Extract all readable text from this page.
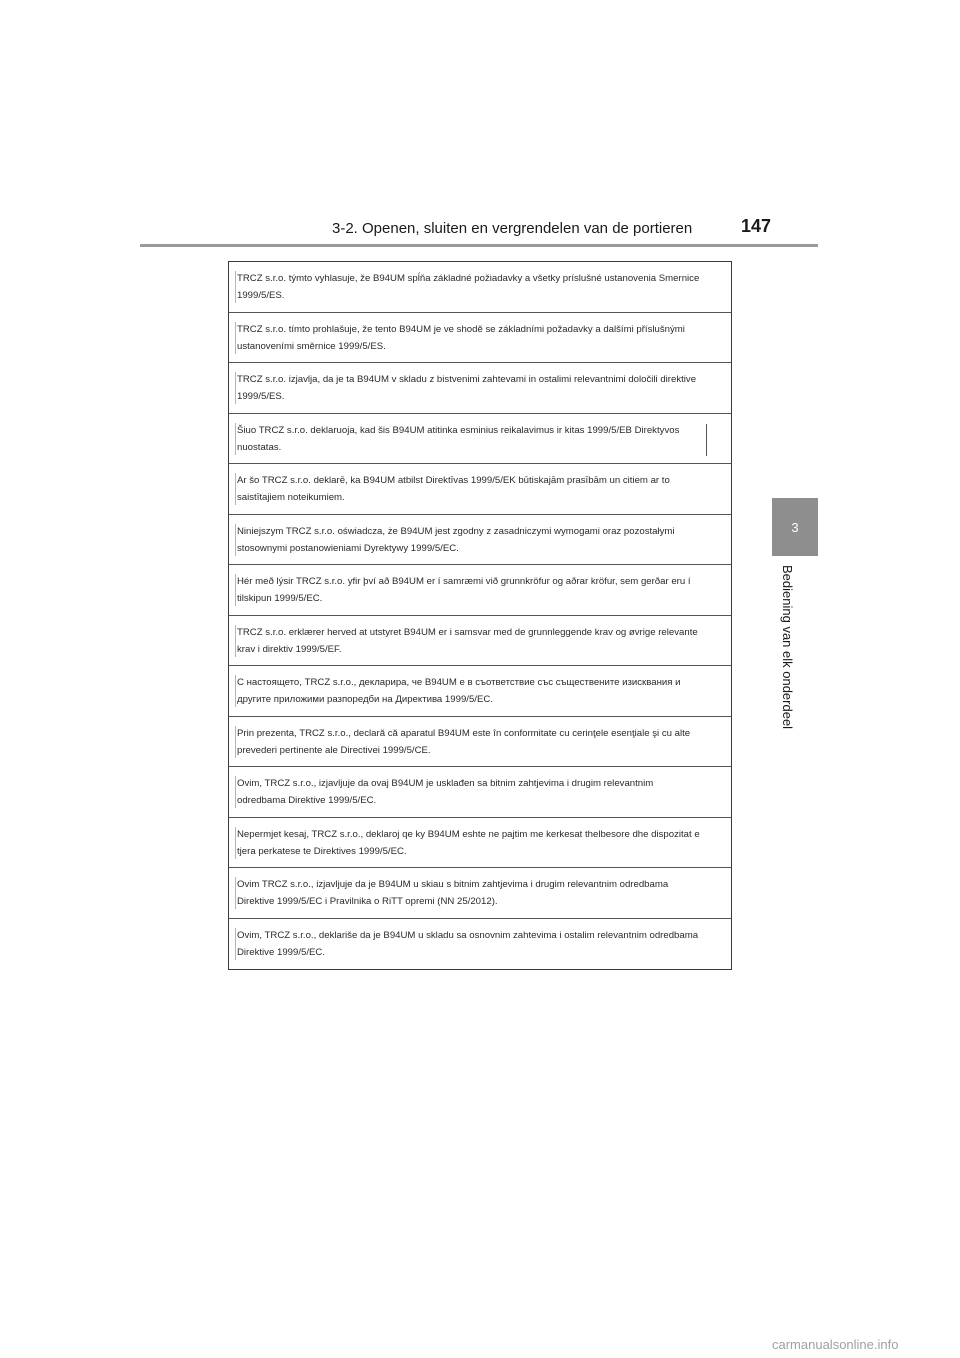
3-2. Openen, sluiten en vergrendelen van de portieren	147
3
Bediening van elk onderdeel
TRCZ s.r.o. týmto vyhlasuje, že B94UM spĺňa základné požiadavky a všetky príslušné ustanovenia Smernice 1999/5/ES.
TRCZ s.r.o. tímto prohlašuje, že tento B94UM je ve shodě se základními požadavky a dalšími příslušnými ustanoveními směrnice 1999/5/ES.
TRCZ s.r.o. izjavlja, da je ta B94UM v skladu z bistvenimi zahtevami in ostalimi relevantnimi določili direktive 1999/5/ES.
Šiuo TRCZ s.r.o. deklaruoja, kad šis B94UM atitinka esminius reikalavimus ir kitas 1999/5/EB Direktyvos nuostatas.
Ar šo TRCZ s.r.o. deklarē, ka B94UM atbilst Direktīvas 1999/5/EK būtiskajām prasībām un citiem ar to saistītajiem noteikumiem.
Niniejszym TRCZ s.r.o. oświadcza, że B94UM jest zgodny z zasadniczymi wymogami oraz pozostałymi stosownymi postanowieniami Dyrektywy 1999/5/EC.
Hér með lýsir TRCZ s.r.o. yfir því að B94UM er í samræmi við grunnkröfur og aðrar kröfur, sem gerðar eru í tilskipun 1999/5/EC.
TRCZ s.r.o. erklærer herved at utstyret B94UM er i samsvar med de grunnleggende krav og øvrige relevante krav i direktiv 1999/5/EF.
С настоящето, TRCZ s.r.o., декларира, че B94UM е в съответствие със съществените изисквания и другите приложими разпоредби на Директива 1999/5/EC.
Prin prezenta, TRCZ s.r.o., declară că aparatul B94UM este în conformitate cu cerinţele esenţiale şi cu alte prevederi pertinente ale Directivei 1999/5/CE.
Ovim, TRCZ s.r.o., izjavljuje da ovaj B94UM je usklađen sa bitnim zahtjevima i drugim relevantnim odredbama Direktive 1999/5/EC.
Nepermjet kesaj, TRCZ s.r.o., deklaroj qe ky B94UM eshte ne pajtim me kerkesat thelbesore dhe dispozitat e tjera perkatese te Direktives 1999/5/EC.
Ovim TRCZ s.r.o., izjavljuje da je B94UM u skiau s bitnim zahtjevima i drugim relevantnim odredbama Direktive 1999/5/EC i Pravilnika o RiTT opremi (NN 25/2012).
Ovim, TRCZ s.r.o., deklariše da je B94UM u skladu sa osnovnim zahtevima i ostalim relevantnim odredbama Direktive 1999/5/EC.
carmanualsonline.info
